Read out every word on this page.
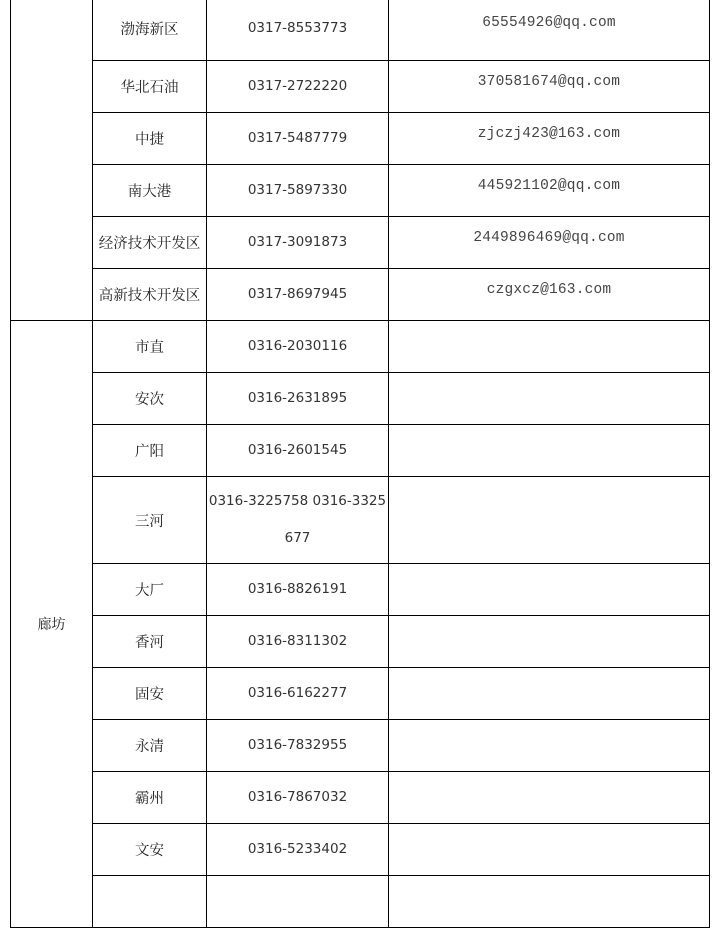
	渤海新区	0317-8553773	65554926@qq.com
	华北石油	0317-2722220	370581674@qq.com
	中捷	0317-5487779	zjczj423@163.com
	南大港	0317-5897330	445921102@qq.com
	经济技术开发区	0317-3091873	2449896469@qq.com
	高新技术开发区	0317-8697945	czgxcz@163.com
廊坊	市直	0316-2030116	
	安次	0316-2631895	
	广阳	0316-2601545	
	三河	0316-3225758 0316-3325677	
	大厂	0316-8826191	
	香河	0316-8311302	
	固安	0316-6162277	
	永清	0316-7832955	
	霸州	0316-7867032	
	文安	0316-5233402	
